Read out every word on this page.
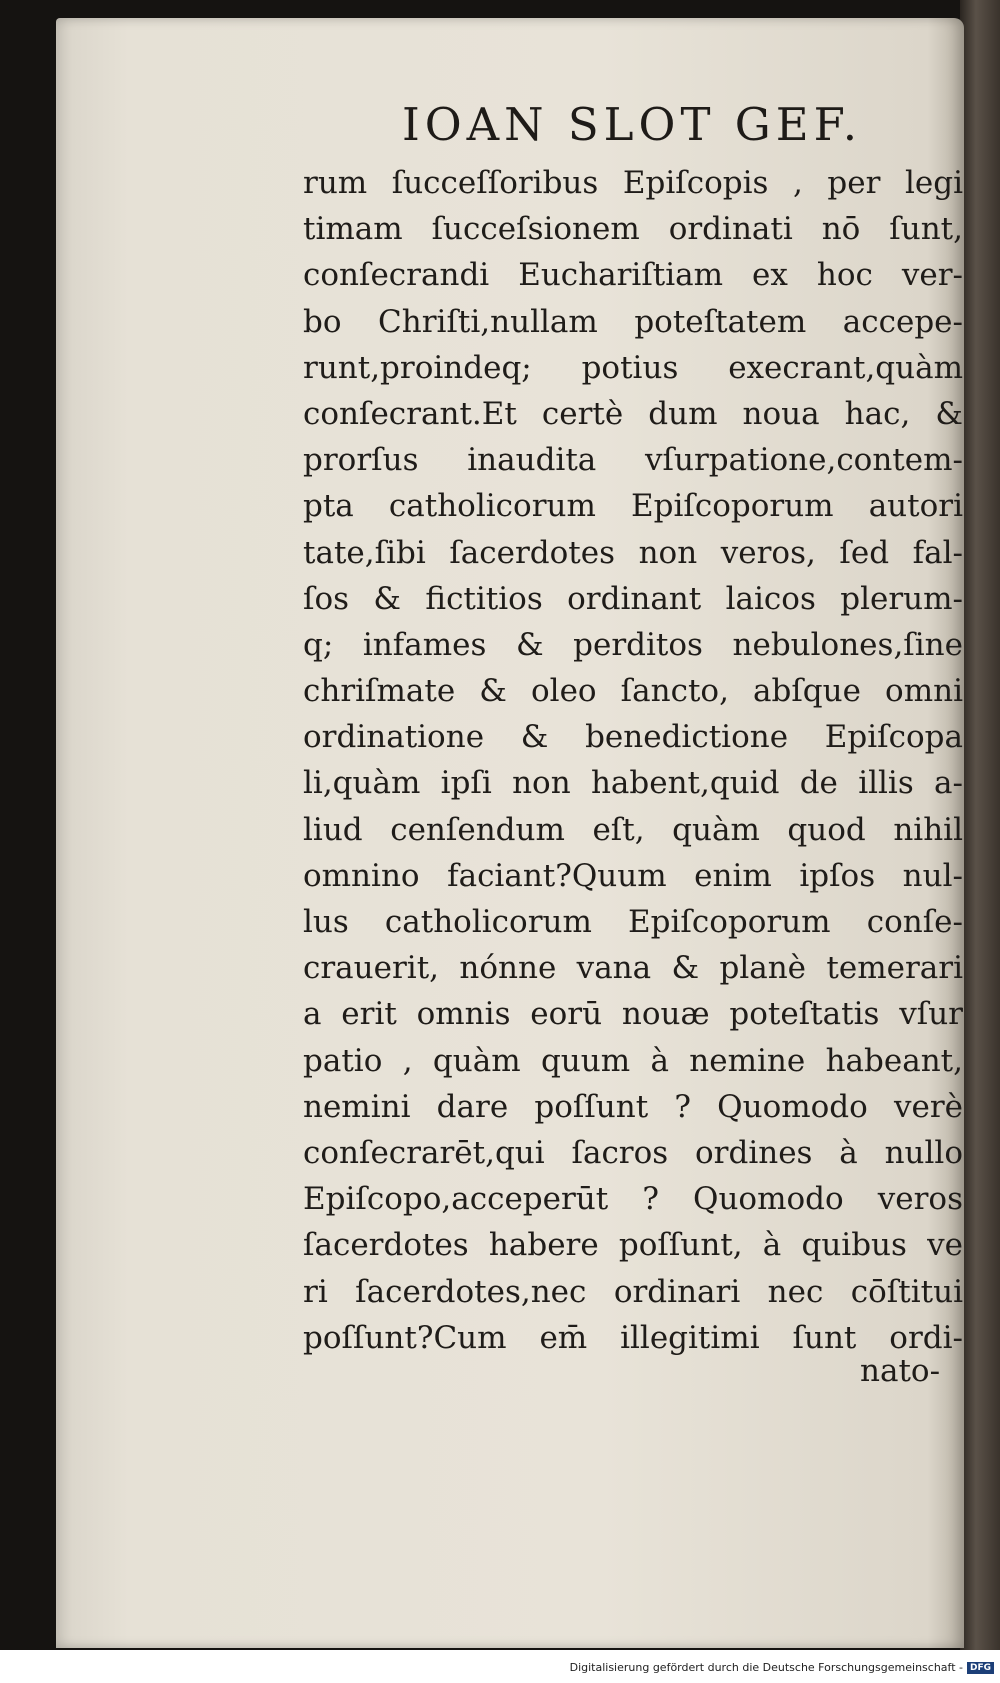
IOAN SLOT GEF.
rum ſucceſſoribus Epiſcopis , per legi
timam ſucceſsionem ordinati nō ſunt,
conſecrandi Euchariſtiam ex hoc ver-
bo Chriſti,nullam poteſtatem accepe-
runt,proindeq; potius execrant,quàm
conſecrant.Et certè dum noua hac, &
prorſus inaudita vſurpatione,contem-
pta catholicorum Epiſcoporum autori
tate,ſibi ſacerdotes non veros, ſed fal-
ſos & fictitios ordinant laicos plerum-
q; infames & perditos nebulones,ſine
chriſmate & oleo ſancto, abſque omni
ordinatione & benedictione Epiſcopa
li,quàm ipſi non habent,quid de illis a-
liud cenſendum eſt, quàm quod nihil
omnino faciant?Quum enim ipſos nul-
lus catholicorum Epiſcoporum conſe-
crauerit, nónne vana & planè temerari
a erit omnis eorū nouæ poteſtatis vſur
patio , quàm quum à nemine habeant,
nemini dare poſſunt ? Quomodo verè
conſecrarēt,qui ſacros ordines à nullo
Epiſcopo,acceperūt ? Quomodo veros
ſacerdotes habere poſſunt, à quibus ve
ri ſacerdotes,nec ordinari nec cōſtitui
poſſunt?Cum em̄ illegitimi ſunt ordi-
nato-
Digitalisierung gefördert durch die Deutsche Forschungsgemeinschaft - DFG
